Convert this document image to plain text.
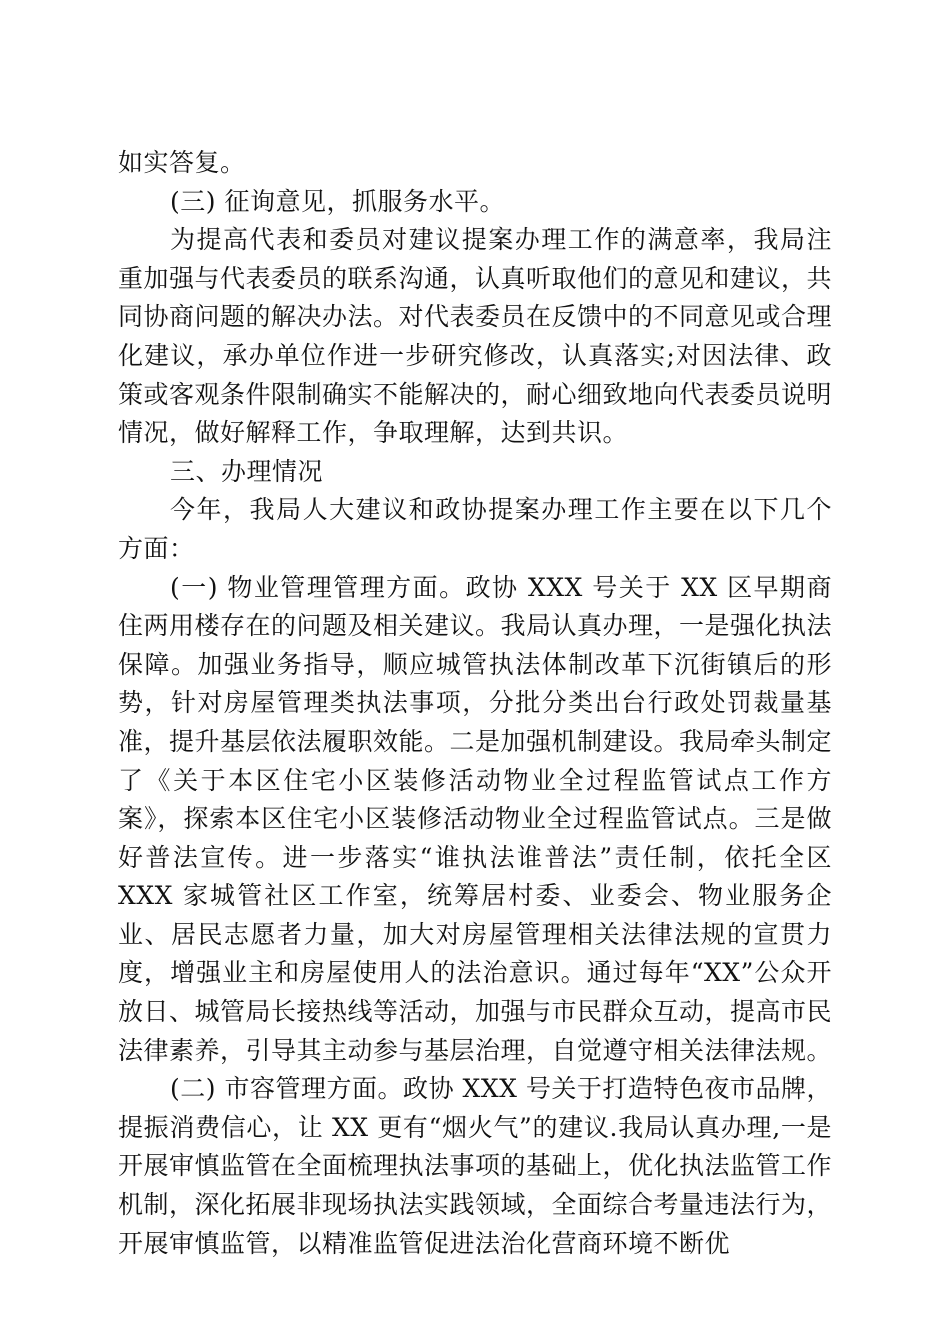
如实答复。

(三) 征询意见，抓服务水平。

为提高代表和委员对建议提案办理工作的满意率，我局注重加强与代表委员的联系沟通，认真听取他们的意见和建议，共同协商问题的解决办法。对代表委员在反馈中的不同意见或合理化建议，承办单位作进一步研究修改，认真落实;对因法律、政策或客观条件限制确实不能解决的，耐心细致地向代表委员说明情况，做好解释工作，争取理解，达到共识。

三、办理情况

今年，我局人大建议和政协提案办理工作主要在以下几个方面：

(一) 物业管理管理方面。政协 XXX 号关于 XX 区早期商住两用楼存在的问题及相关建议。我局认真办理，一是强化执法保障。加强业务指导，顺应城管执法体制改革下沉街镇后的形势，针对房屋管理类执法事项，分批分类出台行政处罚裁量基准，提升基层依法履职效能。二是加强机制建设。我局牵头制定了《关于本区住宅小区装修活动物业全过程监管试点工作方案》，探索本区住宅小区装修活动物业全过程监管试点。三是做好普法宣传。进一步落实“谁执法谁普法”责任制，依托全区 XXX 家城管社区工作室，统筹居村委、业委会、物业服务企业、居民志愿者力量，加大对房屋管理相关法律法规的宣贯力度，增强业主和房屋使用人的法治意识。通过每年“XX”公众开放日、城管局长接热线等活动，加强与市民群众互动，提高市民法律素养，引导其主动参与基层治理，自觉遵守相关法律法规。

(二) 市容管理方面。政协 XXX 号关于打造特色夜市品牌，提振消费信心，让 XX 更有“烟火气”的建议.我局认真办理,一是开展审慎监管在全面梳理执法事项的基础上，优化执法监管工作机制，深化拓展非现场执法实践领域，全面综合考量违法行为，开展审慎监管，以精准监管促进法治化营商环境不断优
